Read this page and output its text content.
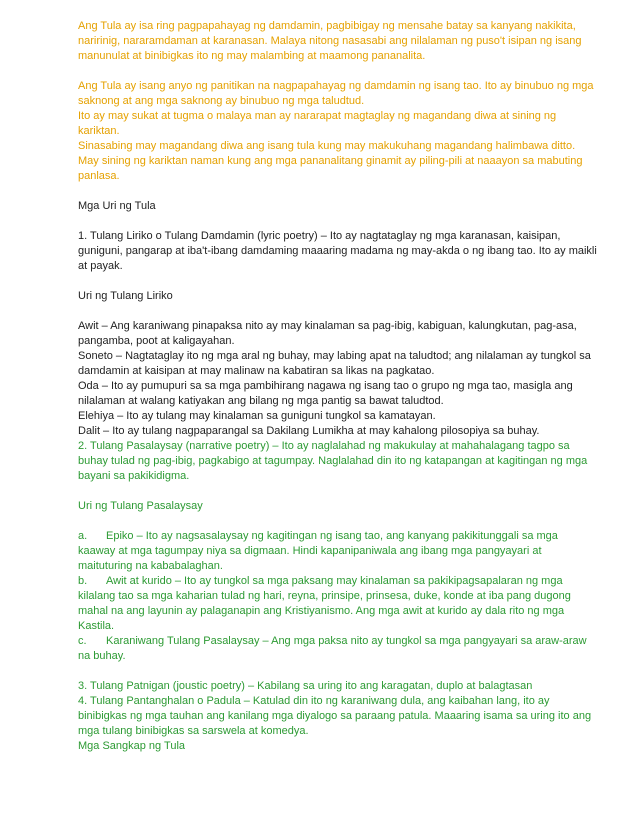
Ang Tula ay isa ring pagpapahayag ng damdamin, pagbibigay ng mensahe batay sa kanyang nakikita, naririnig, nararamdaman at karanasan. Malaya nitong nasasabi ang nilalaman ng puso't isipan ng isang manunulat at binibigkas ito ng may malambing at maamong pananalita.

Ang Tula ay isang anyo ng panitikan na nagpapahayag ng damdamin ng isang tao. Ito ay binubuo ng mga saknong at ang mga saknong ay binubuo ng mga taludtud.

Ito ay may sukat at tugma o malaya man ay nararapat magtaglay ng magandang diwa at sining ng kariktan.

Sinasabing may magandang diwa ang isang tula kung may makukuhang magandang halimbawa ditto. May sining ng kariktan naman kung ang mga pananalitang ginamit ay piling-pili at naaayon sa mabuting panlasa.

Mga Uri ng Tula

1. Tulang Liriko o Tulang Damdamin (lyric poetry) – Ito ay nagtataglay ng mga karanasan, kaisipan, guniguni, pangarap at iba't-ibang damdaming maaaring madama ng may-akda o ng ibang tao. Ito ay maikli at payak.

Uri ng Tulang Liriko

Awit – Ang karaniwang pinapaksa nito ay may kinalaman sa pag-ibig, kabiguan, kalungkutan, pag-asa, pangamba, poot at kaligayahan.

Soneto – Nagtataglay ito ng mga aral ng buhay, may labing apat na taludtod; ang nilalaman ay tungkol sa damdamin at kaisipan at may malinaw na kabatiran sa likas na pagkatao.

Oda – Ito ay pumupuri sa sa mga pambihirang nagawa ng isang tao o grupo ng mga tao, masigla ang nilalaman at walang katiyakan ang bilang ng mga pantig sa bawat taludtod.

Elehiya – Ito ay tulang may kinalaman sa guniguni tungkol sa kamatayan.

Dalit – Ito ay tulang nagpaparangal sa Dakilang Lumikha at may kahalong pilosopiya sa buhay.

2. Tulang Pasalaysay (narrative poetry) – Ito ay naglalahad ng makukulay at mahahalagang tagpo sa buhay tulad ng pag-ibig, pagkabigo at tagumpay. Naglalahad din ito ng katapangan at kagitingan ng mga bayani sa pakikidigma.

Uri ng Tulang Pasalaysay

a. Epiko – Ito ay nagsasalaysay ng kagitingan ng isang tao, ang kanyang pakikitunggali sa mga kaaway at mga tagumpay niya sa digmaan. Hindi kapanipaniwala ang ibang mga pangyayari at maituturing na kababalaghan.

b. Awit at kurido – Ito ay tungkol sa mga paksang may kinalaman sa pakikipagsapalaran ng mga kilalang tao sa mga kaharian tulad ng hari, reyna, prinsipe, prinsesa, duke, konde at iba pang dugong mahal na ang layunin ay palaganapin ang Kristiyanismo. Ang mga awit at kurido ay dala rito ng mga Kastila.

c. Karaniwang Tulang Pasalaysay – Ang mga paksa nito ay tungkol sa mga pangyayari sa araw-araw na buhay.

3. Tulang Patnigan (joustic poetry) – Kabilang sa uring ito ang karagatan, duplo at balagtasan

4. Tulang Pantanghalan o Padula – Katulad din ito ng karaniwang dula, ang kaibahan lang, ito ay binibigkas ng mga tauhan ang kanilang mga diyalogo sa paraang patula. Maaaring isama sa uring ito ang mga tulang binibigkas sa sarswela at komedya.

Mga Sangkap ng Tula
